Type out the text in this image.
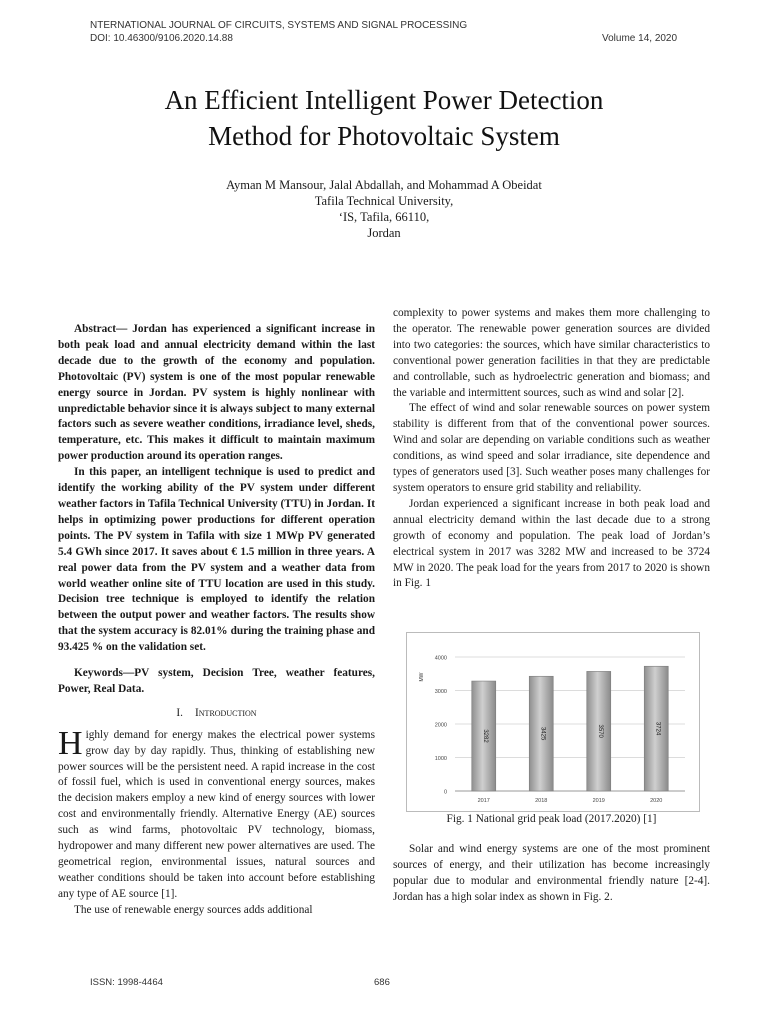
NTERNATIONAL JOURNAL OF CIRCUITS, SYSTEMS AND SIGNAL PROCESSING
DOI: 10.46300/9106.2020.14.88	Volume 14, 2020
An Efficient Intelligent Power Detection
Method for Photovoltaic System
Ayman M Mansour, Jalal Abdallah, and Mohammad A Obeidat
Tafila Technical University,
‘IS, Tafila, 66110,
Jordan

Abstract— Jordan has experienced a significant increase in both peak load and annual electricity demand within the last decade due to the growth of the economy and population. Photovoltaic (PV) system is one of the most popular renewable energy source in Jordan. PV system is highly nonlinear with unpredictable behavior since it is always subject to many external factors such as severe weather conditions, irradiance level, sheds, temperature, etc. This makes it difficult to maintain maximum power production around its operation ranges.

In this paper, an intelligent technique is used to predict and identify the working ability of the PV system under different weather factors in Tafila Technical University (TTU) in Jordan. It helps in optimizing power productions for different operation points. The PV system in Tafila with size 1 MWp PV generated 5.4 GWh since 2017. It saves about € 1.5 million in three years. A real power data from the PV system and a weather data from world weather online site of TTU location are used in this study. Decision tree technique is employed to identify the relation between the output power and weather factors. The results show that the system accuracy is 82.01% during the training phase and 93.425 % on the validation set.

Keywords—PV system, Decision Tree, weather features, Power, Real Data.

I. Introduction

Highly demand for energy makes the electrical power systems grow day by day rapidly. Thus, thinking of establishing new power sources will be the persistent need. A rapid increase in the cost of fossil fuel, which is used in conventional energy sources, makes the decision makers employ a new kind of energy sources with lower cost and environmentally friendly. Alternative Energy (AE) sources such as wind farms, photovoltaic PV technology, biomass, hydropower and many different new power alternatives are used. The geometrical region, environmental issues, natural sources and weather conditions should be taken into account before establishing any type of AE source [1].

The use of renewable energy sources adds additional

complexity to power systems and makes them more challenging to the operator. The renewable power generation sources are divided into two categories: the sources, which have similar characteristics to conventional power generation facilities in that they are predictable and controllable, such as hydroelectric generation and biomass; and the variable and intermittent sources, such as wind and solar [2].

The effect of wind and solar renewable sources on power system stability is different from that of the conventional power sources. Wind and solar are depending on variable conditions such as weather conditions, as wind speed and solar irradiance, site dependence and types of generators used [3]. Such weather poses many challenges for system operators to ensure grid stability and reliability.

Jordan experienced a significant increase in both peak load and annual electricity demand within the last decade due to a strong growth of economy and population. The peak load of Jordan’s electrical system in 2017 was 3282 MW and increased to be 3724 MW in 2020. The peak load for the years from 2017 to 2020 is shown in Fig. 1

0
1000
2000
3000
4000
MW
3282
2017
3425
2018
3570
2019
3724
2020
Fig. 1 National grid peak load (2017.2020) [1]

Solar and wind energy systems are one of the most prominent sources of energy, and their utilization has become increasingly popular due to modular and environmental friendly nature [2-4]. Jordan has a high solar index as shown in Fig. 2.

ISSN: 1998-4464	686
